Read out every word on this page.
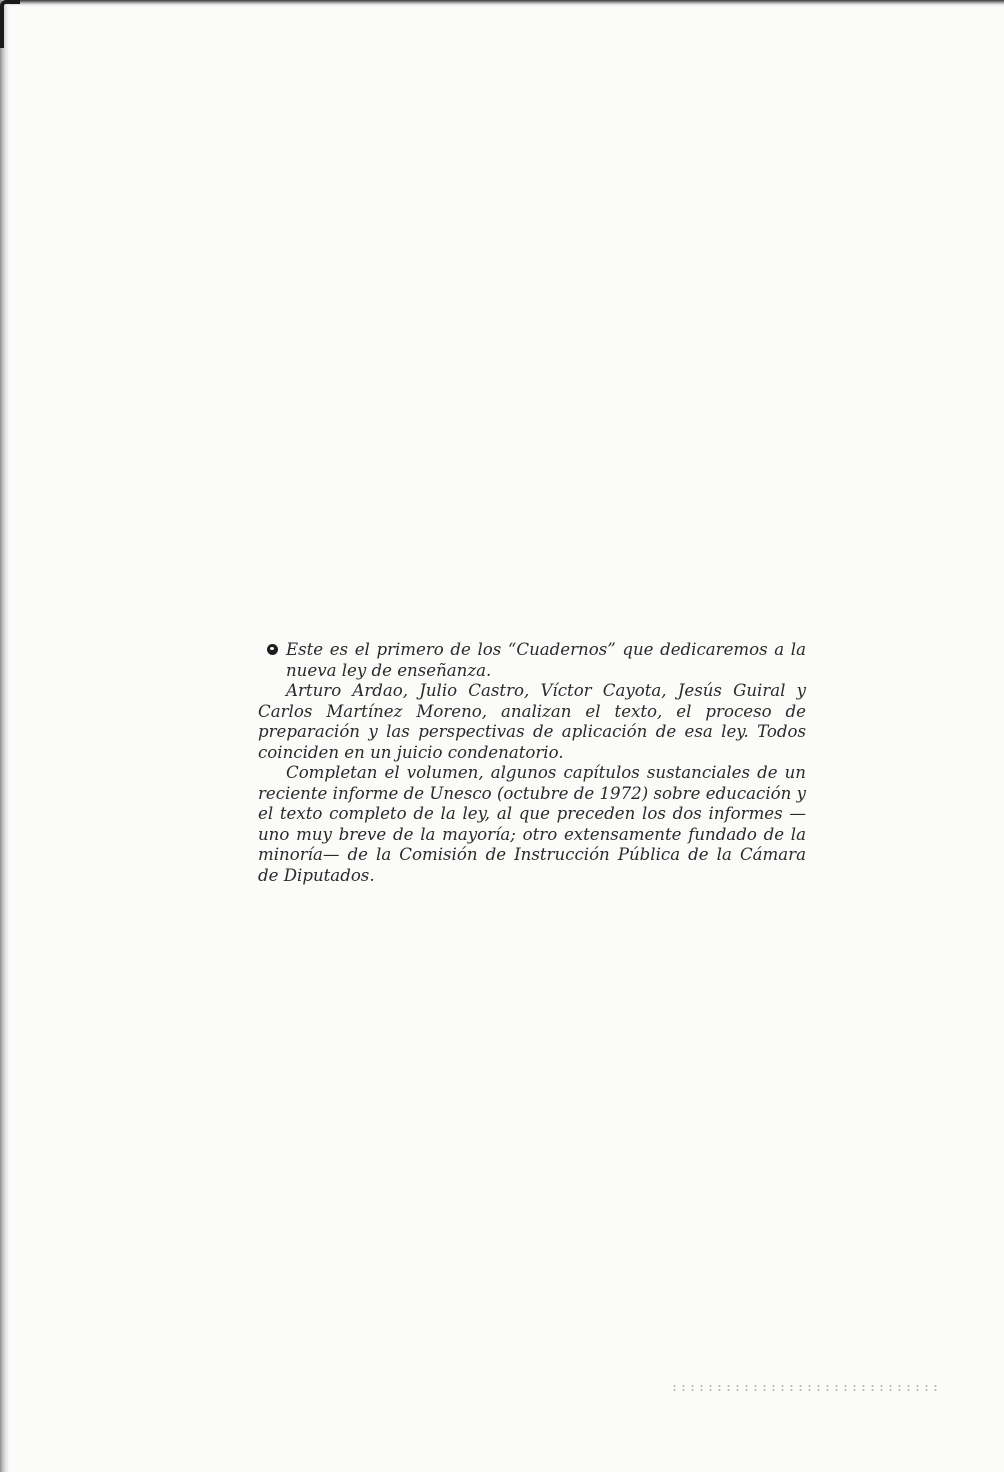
Este es el primero de los “Cuadernos” que dedicaremos a la nueva ley de enseñanza.

Arturo Ardao, Julio Castro, Víctor Cayota, Jesús Guiral y Carlos Martínez Moreno, analizan el texto, el proceso de preparación y las perspectivas de aplicación de esa ley. Todos coinciden en un juicio condenatorio.

Completan el volumen, algunos capítulos sustanciales de un reciente informe de Unesco (octubre de 1972) sobre educación y el texto completo de la ley, al que preceden los dos informes —uno muy breve de la mayoría; otro extensamente fundado de la minoría— de la Comisión de Instrucción Pública de la Cámara de Diputados.
